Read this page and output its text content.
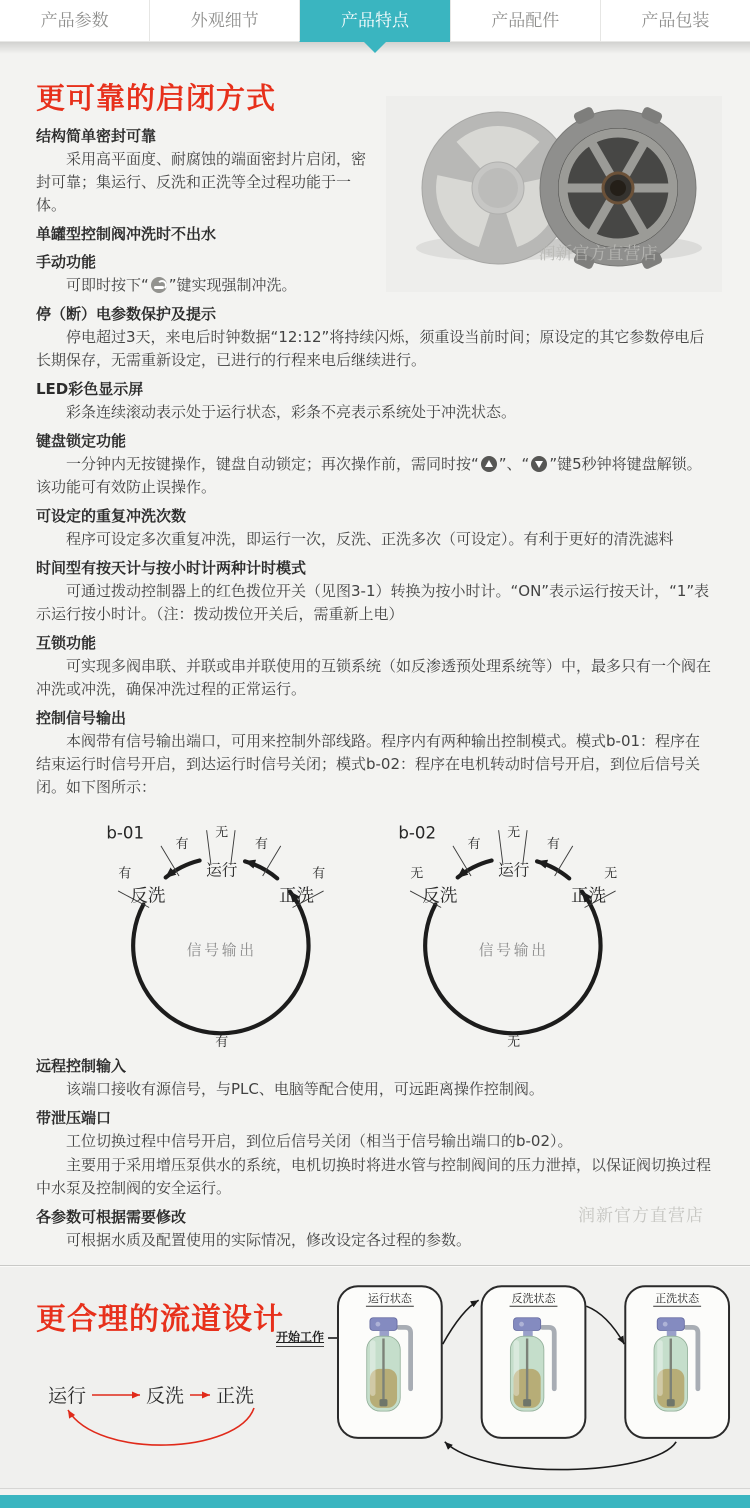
产品参数	外观细节	产品特点	产品配件	产品包装
更可靠的启闭方式
润新官方直营店
结构简单密封可靠

采用高平面度、耐腐蚀的端面密封片启闭，密封可靠；集运行、反洗和正洗等全过程功能于一体。

单罐型控制阀冲洗时不出水
手动功能

可即时按下“ ”键实现强制冲洗。

停（断）电参数保护及提示

停电超过3天，来电后时钟数据“12:12”将持续闪烁，须重设当前时间；原设定的其它参数停电后长期保存，无需重新设定，已进行的行程来电后继续进行。

LED彩色显示屏

彩条连续滚动表示处于运行状态，彩条不亮表示系统处于冲洗状态。

键盘锁定功能

一分钟内无按键操作，键盘自动锁定；再次操作前，需同时按“ ”、“ ”键5秒钟将键盘解锁。该功能可有效防止误操作。

可设定的重复冲洗次数

程序可设定多次重复冲洗，即运行一次，反洗、正洗多次（可设定）。有利于更好的清洗滤料

时间型有按天计与按小时计两种计时模式

可通过拨动控制器上的红色拨位开关（见图3-1）转换为按小时计。“ON”表示运行按天计，“1”表示运行按小时计。（注：拨动拨位开关后，需重新上电）

互锁功能

可实现多阀串联、并联或串并联使用的互锁系统（如反渗透预处理系统等）中，最多只有一个阀在冲洗或冲洗，确保冲洗过程的正常运行。

控制信号输出

本阀带有信号输出端口，可用来控制外部线路。程序内有两种输出控制模式。模式b-01：程序在结束运行时信号开启，到达运行时信号关闭；模式b-02：程序在电机转动时信号开启，到位后信号关闭。如下图所示：

b-01	无
有	有
有	有
有
运行
反洗	正洗
信号输出
b-02	无
有	有
无	无
无
运行
反洗	正洗
信号输出
远程控制输入

该端口接收有源信号，与PLC、电脑等配合使用，可远距离操作控制阀。

带泄压端口

工位切换过程中信号开启，到位后信号关闭（相当于信号输出端口的b-02）。

主要用于采用增压泵供水的系统，电机切换时将进水管与控制阀间的压力泄掉，以保证阀切换过程中水泵及控制阀的安全运行。

各参数可根据需要修改

可根据水质及配置使用的实际情况，修改设定各过程的参数。

润新官方直营店
更合理的流道设计
开始工作
运行	反洗 正洗
运行状态	反洗状态	正洗状态
